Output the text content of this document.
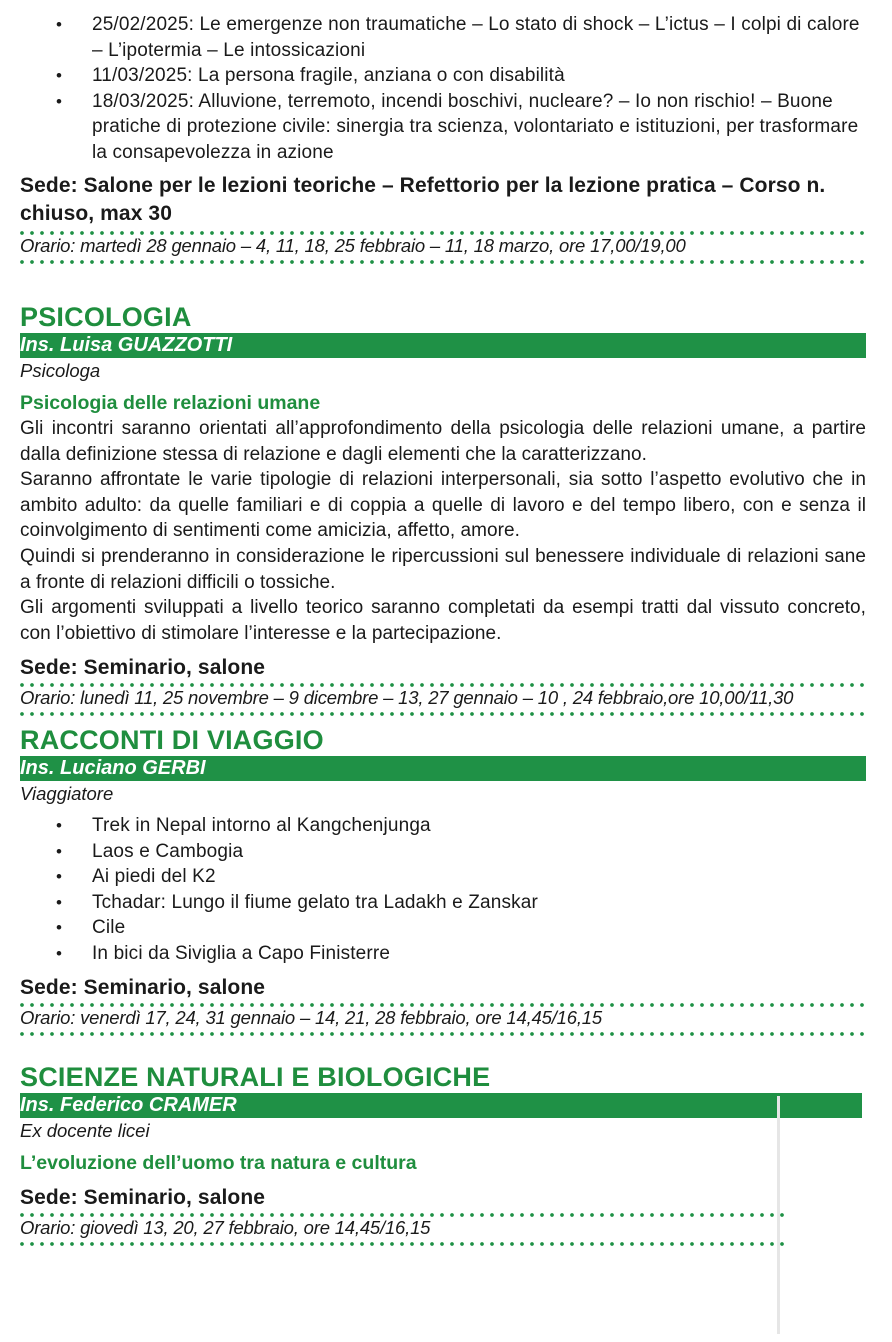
• 25/02/2025: Le emergenze non traumatiche – Lo stato di shock – L’ictus – I colpi di calore – L’ipotermia – Le intossicazioni
• 11/03/2025: La persona fragile, anziana o con disabilità
• 18/03/2025: Alluvione, terremoto, incendi boschivi, nucleare? – Io non rischio! – Buone pratiche di protezione civile: sinergia tra scienza, volontariato e istituzioni, per trasformare la consapevolezza in azione

Sede: Salone per le lezioni teoriche – Refettorio per la lezione pratica – Corso n. chiuso, max 30

Orario: martedì 28 gennaio – 4, 11, 18, 25 febbraio – 11, 18 marzo, ore 17,00/19,00
PSICOLOGIA
Ins. Luisa GUAZZOTTI

Psicologa

Psicologia delle relazioni umane

Gli incontri saranno orientati all’approfondimento della psicologia delle relazioni umane, a partire dalla definizione stessa di relazione e dagli elementi che la caratterizzano.

Saranno affrontate le varie tipologie di relazioni interpersonali, sia sotto l’aspetto evolutivo che in ambito adulto: da quelle familiari e di coppia a quelle di lavoro e del tempo libero, con e senza il coinvolgimento di sentimenti come amicizia, affetto, amore.

Quindi si prenderanno in considerazione le ripercussioni sul benessere individuale di relazioni sane a fronte di relazioni difficili o tossiche.

Gli argomenti sviluppati a livello teorico saranno completati da esempi tratti dal vissuto concreto, con l’obiettivo di stimolare l’interesse e la partecipazione.

Sede: Seminario, salone

Orario: lunedì 11, 25 novembre – 9 dicembre – 13, 27 gennaio – 10 , 24 febbraio,ore 10,00/11,30
RACCONTI DI VIAGGIO
Ins. Luciano GERBI

Viaggiatore

• Trek in Nepal intorno al Kangchenjunga
• Laos e Cambogia
• Ai piedi del K2
• Tchadar: Lungo il fiume gelato tra Ladakh e Zanskar
• Cile
• In bici da Siviglia a Capo Finisterre

Sede: Seminario, salone

Orario: venerdì 17, 24, 31 gennaio – 14, 21, 28 febbraio, ore 14,45/16,15
SCIENZE NATURALI E BIOLOGICHE
Ins. Federico CRAMER

Ex docente licei

L’evoluzione dell’uomo tra natura e cultura

Sede: Seminario, salone

Orario: giovedì 13, 20, 27 febbraio, ore 14,45/16,15
